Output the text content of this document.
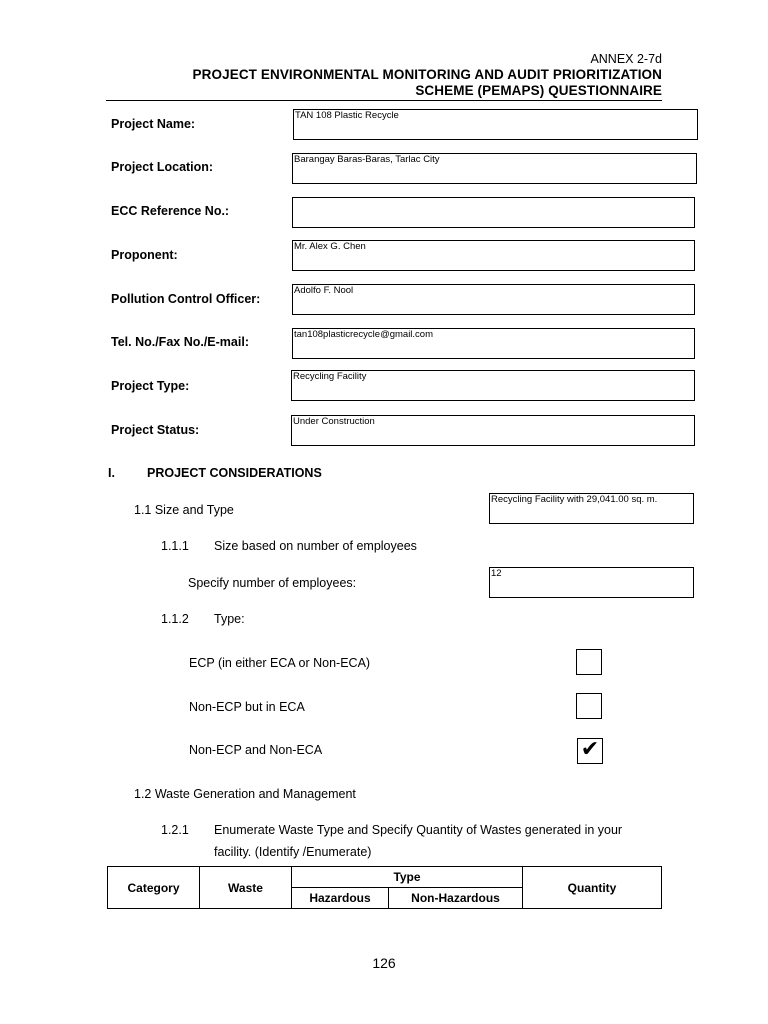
ANNEX 2-7d
PROJECT ENVIRONMENTAL MONITORING AND AUDIT PRIORITIZATION
SCHEME (PEMAPS) QUESTIONNAIRE
Project Name:
TAN 108 Plastic Recycle
Project Location:
Barangay Baras-Baras, Tarlac City
ECC Reference No.:
Proponent:
Mr. Alex G. Chen
Pollution Control Officer:
Adolfo F. Nool
Tel. No./Fax No./E-mail:
tan108plasticrecycle@gmail.com
Project Type:
Recycling Facility
Project Status:
Under Construction
I.	PROJECT CONSIDERATIONS
1.1 Size and Type
Recycling Facility with 29,041.00 sq. m.
1.1.1 Size based on number of employees
Specify number of employees:
12
1.1.2 Type:
ECP (in either ECA or Non-ECA)
Non-ECP but in ECA
Non-ECP and Non-ECA	✔
1.2 Waste Generation and Management
1.2.1 Enumerate Waste Type and Specify Quantity of Wastes generated in your
facility. (Identify /Enumerate)
Category	Waste	Type		Quantity
		Hazardous	Non-Hazardous	
126
